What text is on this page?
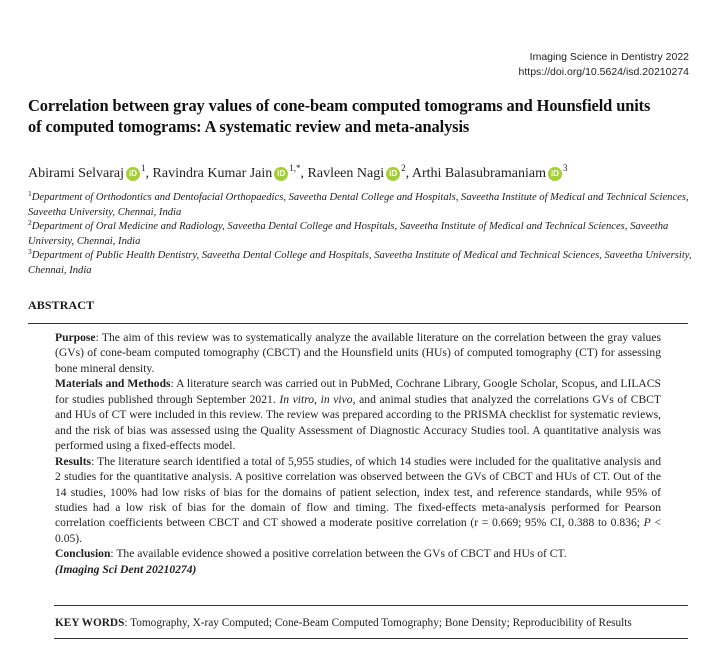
Imaging Science in Dentistry 2022
https://doi.org/10.5624/isd.20210274
Correlation between gray values of cone-beam computed tomograms and Hounsfield units
of computed tomograms: A systematic review and meta-analysis
Abirami Selvaraj $iD^1$, Ravindra Kumar Jain $iD^{1,*}$, Ravleen Nagi $iD^2$, Arthi Balasubramaniam $iD^3$

$^1$Department of Orthodontics and Dentofacial Orthopaedics, Saveetha Dental College and Hospitals, Saveetha Institute of Medical and Technical Sciences, Saveetha University, Chennai, India

$^2$Department of Oral Medicine and Radiology, Saveetha Dental College and Hospitals, Saveetha Institute of Medical and Technical Sciences, Saveetha University, Chennai, India

$^3$Department of Public Health Dentistry, Saveetha Dental College and Hospitals, Saveetha Institute of Medical and Technical Sciences, Saveetha University, Chennai, India

ABSTRACT

Purpose: The aim of this review was to systematically analyze the available literature on the correlation between the gray values (GVs) of cone-beam computed tomography (CBCT) and the Hounsfield units (HUs) of computed tomography (CT) for assessing bone mineral density.

Materials and Methods: A literature search was carried out in PubMed, Cochrane Library, Google Scholar, Scopus, and LILACS for studies published through September 2021. In vitro, in vivo, and animal studies that analyzed the correlations GVs of CBCT and HUs of CT were included in this review. The review was prepared according to the PRISMA checklist for systematic reviews, and the risk of bias was assessed using the Quality Assessment of Diagnostic Accuracy Studies tool. A quantitative analysis was performed using a fixed-effects model.

Results: The literature search identified a total of 5,955 studies, of which 14 studies were included for the qualitative analysis and 2 studies for the quantitative analysis. A positive correlation was observed between the GVs of CBCT and HUs of CT. Out of the 14 studies, 100% had low risks of bias for the domains of patient selection, index test, and reference standards, while 95% of studies had a low risk of bias for the domain of flow and timing. The fixed-effects meta-analysis performed for Pearson correlation coefficients between CBCT and CT showed a moderate positive correlation (r = 0.669; 95% CI, 0.388 to 0.836; P < 0.05).

Conclusion: The available evidence showed a positive correlation between the GVs of CBCT and HUs of CT.
(Imaging Sci Dent 20210274)

KEY WORDS: Tomography, X-ray Computed; Cone-Beam Computed Tomography; Bone Density; Reproducibility of Results
